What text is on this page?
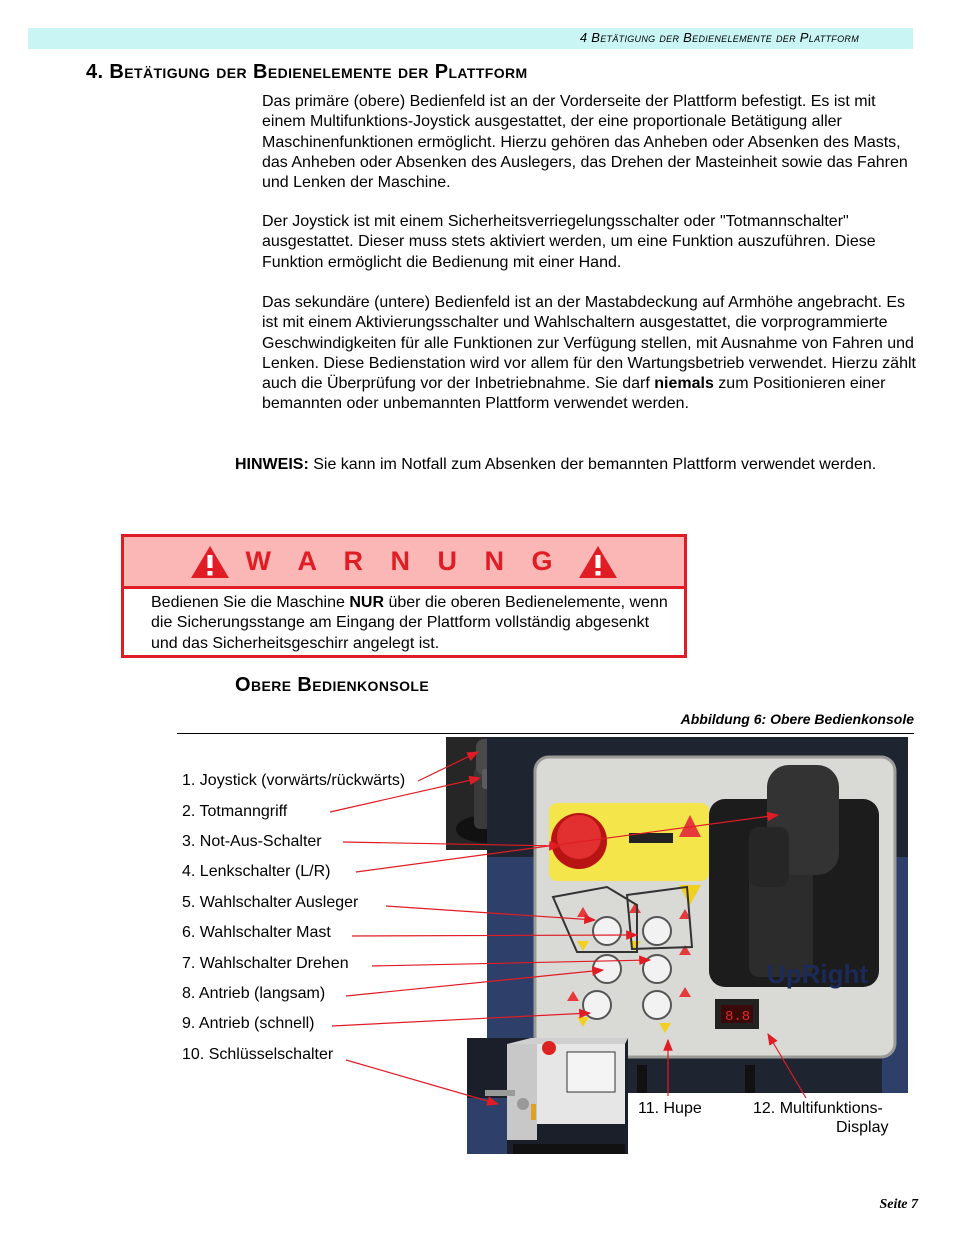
4 Betätigung der Bedienelemente der Plattform
4. Betätigung der Bedienelemente der Plattform

Das primäre (obere) Bedienfeld ist an der Vorderseite der Plattform befestigt. Es ist mit einem Multifunktions-Joystick ausgestattet, der eine proportionale Betätigung aller Maschinenfunktionen ermöglicht. Hierzu gehören das Anheben oder Absenken des Masts, das Anheben oder Absenken des Auslegers, das Drehen der Masteinheit sowie das Fahren und Lenken der Maschine.

Der Joystick ist mit einem Sicherheitsverriegelungsschalter oder "Totmannschalter" ausgestattet. Dieser muss stets aktiviert werden, um eine Funktion auszuführen. Diese Funktion ermöglicht die Bedienung mit einer Hand.

Das sekundäre (untere) Bedienfeld ist an der Mastabdeckung auf Armhöhe angebracht. Es ist mit einem Aktivierungsschalter und Wahlschaltern ausgestattet, die vorprogrammierte Geschwindigkeiten für alle Funktionen zur Verfügung stellen, mit Ausnahme von Fahren und Lenken. Diese Bedienstation wird vor allem für den Wartungsbetrieb verwendet. Hierzu zählt auch die Überprüfung vor der Inbetriebnahme. Sie darf niemals zum Positionieren einer bemannten oder unbemannten Plattform verwendet werden.

HINWEIS: Sie kann im Notfall zum Absenken der bemannten Plattform verwendet werden.

W A R N U N G
Bedienen Sie die Maschine NUR über die oberen Bedienelemente, wenn die Sicherungsstange am Eingang der Plattform vollständig abgesenkt und das Sicherheitsgeschirr angelegt ist.
Obere Bedienkonsole
Abbildung 6: Obere Bedienkonsole
1. Joystick (vorwärts/rückwärts)
2. Totmanngriff
3. Not-Aus-Schalter
4. Lenkschalter (L/R)
5. Wahlschalter Ausleger
6. Wahlschalter Mast
7. Wahlschalter Drehen
8. Antrieb (langsam)
9. Antrieb (schnell)
10. Schlüsselschalter
UpRight
8.8
11. Hupe	12. Multifunktions-
Display
Seite 7
